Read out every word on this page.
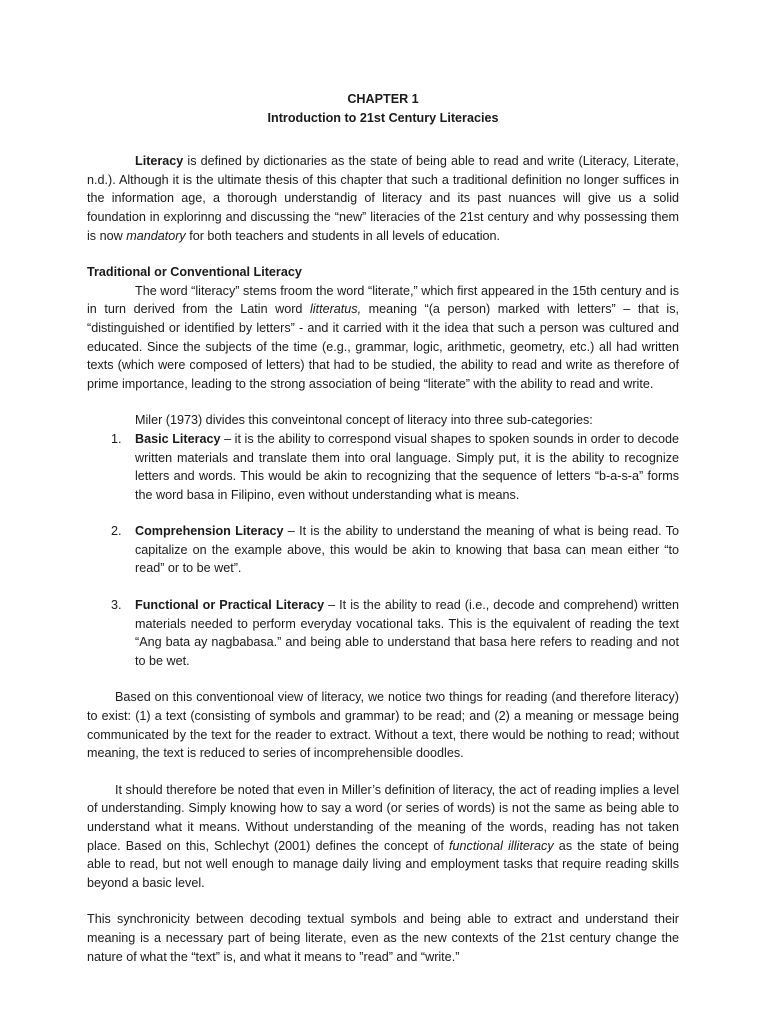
CHAPTER 1

Introduction to 21st Century Literacies

Literacy is defined by dictionaries as the state of being able to read and write (Literacy, Literate, n.d.). Although it is the ultimate thesis of this chapter that such a traditional definition no longer suffices in the information age, a thorough understandig of literacy and its past nuances will give us a solid foundation in explorinng and discussing the “new” literacies of the 21st century and why possessing them is now mandatory for both teachers and students in all levels of education.

Traditional or Conventional Literacy

The word “literacy” stems froom the word “literate,” which first appeared in the 15th century and is in turn derived from the Latin word litteratus, meaning “(a person) marked with letters” – that is, “distinguished or identified by letters” - and it carried with it the idea that such a person was cultured and educated. Since the subjects of the time (e.g., grammar, logic, arithmetic, geometry, etc.) all had written texts (which were composed of letters) that had to be studied, the ability to read and write as therefore of prime importance, leading to the strong association of being “literate” with the ability to read and write.

Miler (1973) divides this conveintonal concept of literacy into three sub-categories:

1. Basic Literacy – it is the ability to correspond visual shapes to spoken sounds in order to decode written materials and translate them into oral language. Simply put, it is the ability to recognize letters and words. This would be akin to recognizing that the sequence of letters “b-a-s-a” forms the word basa in Filipino, even without understanding what is means.
2. Comprehension Literacy – It is the ability to understand the meaning of what is being read. To capitalize on the example above, this would be akin to knowing that basa can mean either “to read” or to be wet”.
3. Functional or Practical Literacy – It is the ability to read (i.e., decode and comprehend) written materials needed to perform everyday vocational taks. This is the equivalent of reading the text “Ang bata ay nagbabasa.” and being able to understand that basa here refers to reading and not to be wet.

Based on this conventionoal view of literacy, we notice two things for reading (and therefore literacy) to exist: (1) a text (consisting of symbols and grammar) to be read; and (2) a meaning or message being communicated by the text for the reader to extract. Without a text, there would be nothing to read; without meaning, the text is reduced to series of incomprehensible doodles.

It should therefore be noted that even in Miller’s definition of literacy, the act of reading implies a level of understanding. Simply knowing how to say a word (or series of words) is not the same as being able to understand what it means. Without understanding of the meaning of the words, reading has not taken place. Based on this, Schlechyt (2001) defines the concept of functional illiteracy as the state of being able to read, but not well enough to manage daily living and employment tasks that require reading skills beyond a basic level.

This synchronicity between decoding textual symbols and being able to extract and understand their meaning is a necessary part of being literate, even as the new contexts of the 21st century change the nature of what the “text” is, and what it means to ”read” and “write.”
